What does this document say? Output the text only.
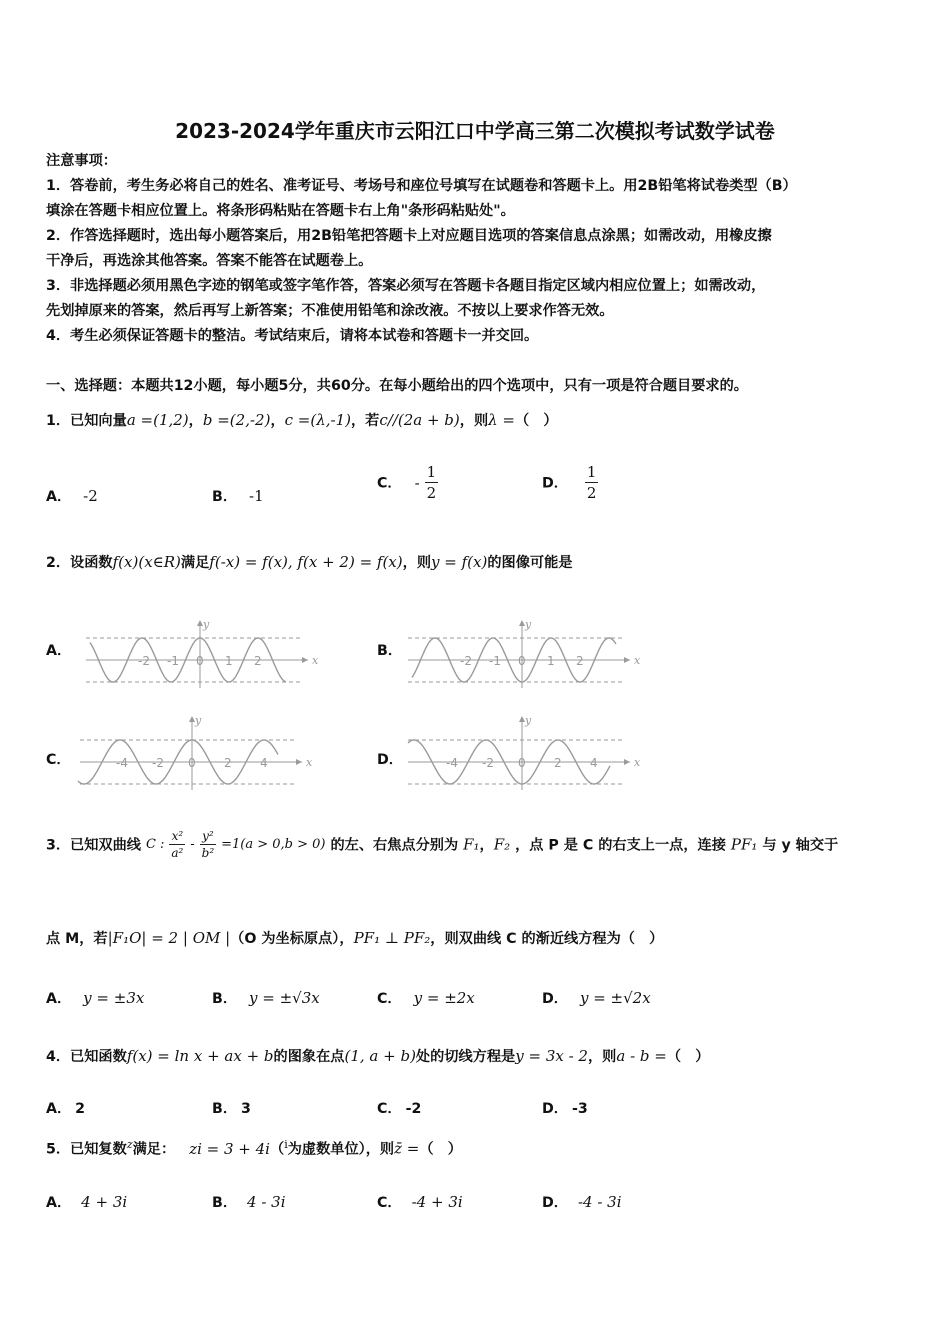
2023-2024学年重庆市云阳江口中学高三第二次模拟考试数学试卷
注意事项：
1．答卷前，考生务必将自己的姓名、准考证号、考场号和座位号填写在试题卷和答题卡上。用2B铅笔将试卷类型（B）
填涂在答题卡相应位置上。将条形码粘贴在答题卡右上角"条形码粘贴处"。
2．作答选择题时，选出每小题答案后，用2B铅笔把答题卡上对应题目选项的答案信息点涂黑；如需改动，用橡皮擦
干净后，再选涂其他答案。答案不能答在试题卷上。
3．非选择题必须用黑色字迹的钢笔或签字笔作答，答案必须写在答题卡各题目指定区域内相应位置上；如需改动，
先划掉原来的答案，然后再写上新答案；不准使用铅笔和涂改液。不按以上要求作答无效。
4．考生必须保证答题卡的整洁。考试结束后，请将本试卷和答题卡一并交回。
一、选择题：本题共12小题，每小题5分，共60分。在每小题给出的四个选项中，只有一项是符合题目要求的。
1．已知向量a =(1,2)，b =(2,‐2)，c =(λ,‐1)，若c//(2a + b)，则λ =（　）
A． ‐2	B． ‐1
C． ‐ $\frac{1}{2}$	D． $\frac{1}{2}$
2．设函数f(x)(x∈R)满足f(‐x) = f(x), f(x + 2) = f(x)，则y = f(x)的图像可能是
A．
x
y
-2 -1 0 1 2
B．
x
y
-2 -1 0 1 2
C．	x
y
-4 -2 0 2 4	D．	x
y
-4 -2 0 2 4
3．已知双曲线 C : $\frac{\text{x²}}{\text{a²}}$ ‐ $\frac{\text{y²}}{\text{b²}} =1(a > 0,b > 0)$ 的左、右焦点分别为 F₁，F₂ ，点 P 是 C 的右支上一点，连接 PF₁ 与 y 轴交于
点 M，若|F₁O| = 2 | OM |（O 为坐标原点），PF₁ ⊥ PF₂，则双曲线 C 的渐近线方程为（　）
A． y = ±3x	B． y = ±√3x	C． y = ±2x	D． y = ±√2x
4．已知函数f(x) = ln x + ax + b的图象在点(1, a + b)处的切线方程是y = 3x ‐ 2，则a ‐ b =（　）
A． 2	B． 3	C． -2	D． -3
5．已知复数$^z$满足： zi = 3 + 4i（$^i$为虚数单位），则z̄ =（　）
A． 4 + 3i	B． 4 ‐ 3i	C． ‐4 + 3i	D． ‐4 ‐ 3i
